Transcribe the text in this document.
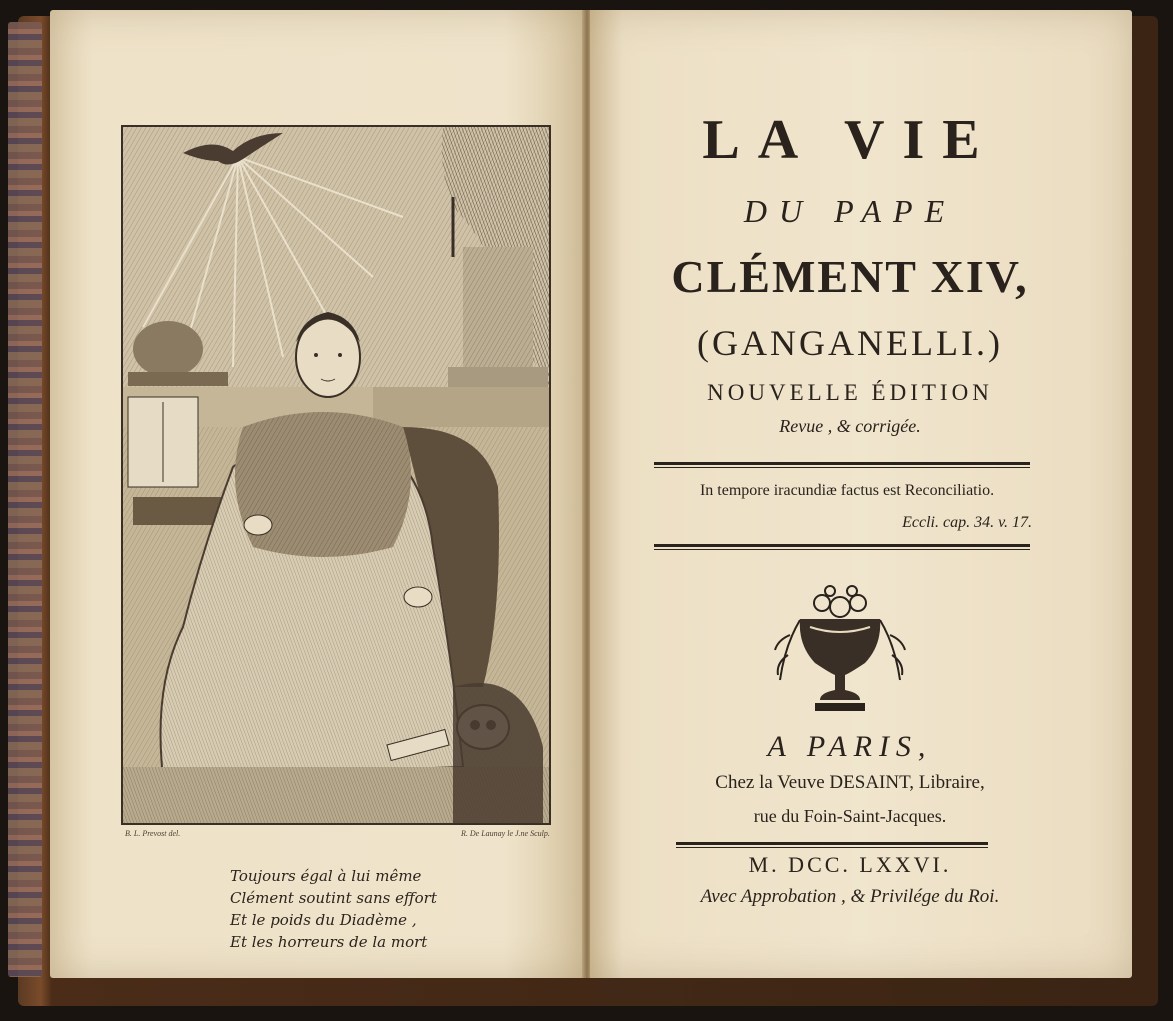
B. L. Prevost del.	R. De Launay le J.ne Sculp.
Toujours égal à lui même
Clément soutint sans effort
Et le poids du Diadème ,
Et les horreurs de la mort
LA VIE
DU PAPE
CLÉMENT XIV,
(GANGANELLI.)
NOUVELLE ÉDITION
Revue , & corrigée.
In tempore iracundiæ factus est Reconciliatio.
Eccli. cap. 34. v. 17.
A PARIS,
Chez la Veuve DESAINT, Libraire,
rue du Foin-Saint-Jacques.
M. DCC. LXXVI.
Avec Approbation , & Privilége du Roi.
